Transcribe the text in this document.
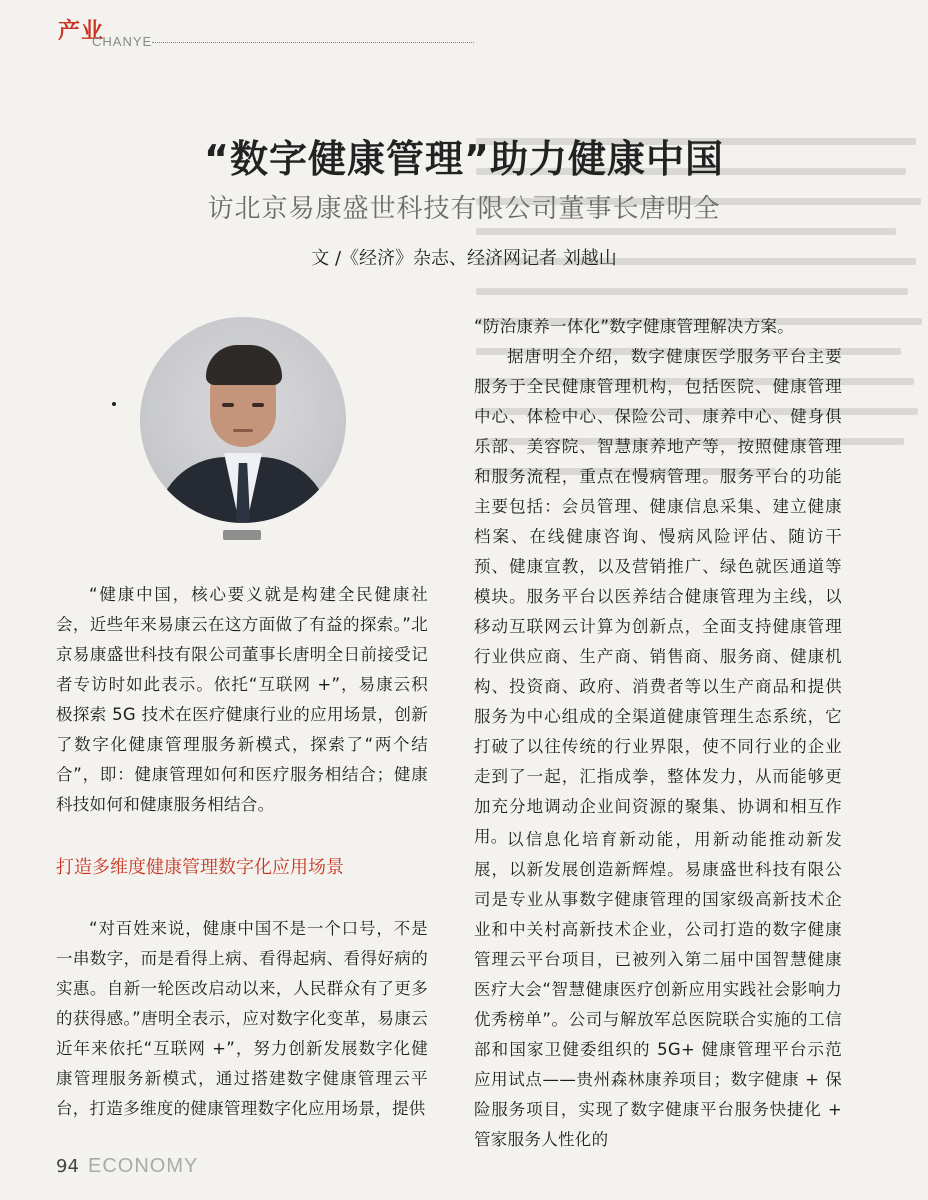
产业
CHANYE
“数字健康管理”助力健康中国
访北京易康盛世科技有限公司董事长唐明全
文 /《经济》杂志、经济网记者 刘越山

“健康中国，核心要义就是构建全民健康社会，近些年来易康云在这方面做了有益的探索。”北京易康盛世科技有限公司董事长唐明全日前接受记者专访时如此表示。依托“互联网 +”，易康云积极探索 5G 技术在医疗健康行业的应用场景，创新了数字化健康管理服务新模式，探索了“两个结合”，即：健康管理如何和医疗服务相结合；健康科技如何和健康服务相结合。

打造多维度健康管理数字化应用场景

“对百姓来说，健康中国不是一个口号，不是一串数字，而是看得上病、看得起病、看得好病的实惠。自新一轮医改启动以来，人民群众有了更多的获得感。”唐明全表示，应对数字化变革，易康云近年来依托“互联网 +”，努力创新发展数字化健康管理服务新模式，通过搭建数字健康管理云平台，打造多维度的健康管理数字化应用场景，提供

“防治康养一体化”数字健康管理解决方案。

据唐明全介绍，数字健康医学服务平台主要服务于全民健康管理机构，包括医院、健康管理中心、体检中心、保险公司、康养中心、健身俱乐部、美容院、智慧康养地产等，按照健康管理和服务流程，重点在慢病管理。服务平台的功能主要包括：会员管理、健康信息采集、建立健康档案、在线健康咨询、慢病风险评估、随访干预、健康宣教，以及营销推广、绿色就医通道等模块。服务平台以医养结合健康管理为主线，以移动互联网云计算为创新点，全面支持健康管理行业供应商、生产商、销售商、服务商、健康机构、投资商、政府、消费者等以生产商品和提供服务为中心组成的全渠道健康管理生态系统，它打破了以往传统的行业界限，使不同行业的企业走到了一起，汇指成拳，整体发力，从而能够更加充分地调动企业间资源的聚集、协调和相互作用。 以信息化培育新动能，用新动能推动新发展，以新发展创造新辉煌。易康盛世科技有限公司是专业从事数字健康管理的国家级高新技术企业和中关村高新技术企业，公司打造的数字健康管理云平台项目，已被列入第二届中国智慧健康医疗大会“智慧健康医疗创新应用实践社会影响力优秀榜单”。公司与解放军总医院联合实施的工信部和国家卫健委组织的 5G+ 健康管理平台示范应用试点——贵州森林康养项目；数字健康 + 保险服务项目，实现了数字健康平台服务快捷化 + 管家服务人性化的

94 ECONOMY
